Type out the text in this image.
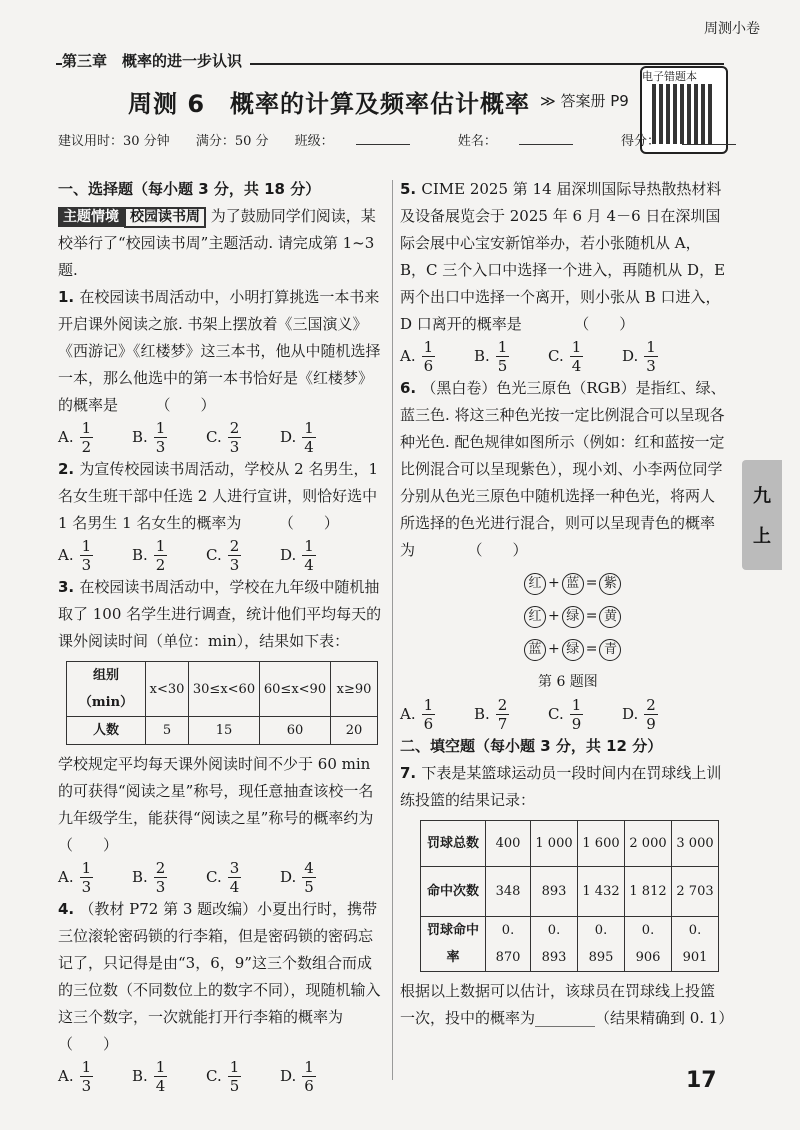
周测小卷
第三章　概率的进一步认识
周测 6　概率的计算及频率估计概率 ≫ 答案册 P9
电子错题本
建议用时：30 分钟 满分：50 分 班级：	姓名：	得分：
一、选择题（每小题 3 分，共 18 分）
主题情境 校园读书周 为了鼓励同学们阅读，某校举行了“校园读书周”主题活动. 请完成第 1~3 题.
1. 在校园读书周活动中，小明打算挑选一本书来开启课外阅读之旅. 书架上摆放着《三国演义》《西游记》《红楼梦》这三本书，他从中随机选择一本，那么他选中的第一本书恰好是《红楼梦》的概率是　　　（　　）
A. $\frac{1}{2}$	B. $\frac{1}{3}$	C. $\frac{2}{3}$	D. $\frac{1}{4}$
2. 为宣传校园读书周活动，学校从 2 名男生，1 名女生班干部中任选 2 人进行宣讲，则恰好选中 1 名男生 1 名女生的概率为　　　（　　）
A. $\frac{1}{3}$	B. $\frac{1}{2}$	C. $\frac{2}{3}$	D. $\frac{1}{4}$
3. 在校园读书周活动中，学校在九年级中随机抽取了 100 名学生进行调查，统计他们平均每天的课外阅读时间（单位：min），结果如下表：
组别（min）	x<30	30≤x<60	60≤x<90	x≥90
人数	5	15	60	20
学校规定平均每天课外阅读时间不少于 60 min 的可获得“阅读之星”称号，现任意抽查该校一名九年级学生，能获得“阅读之星”称号的概率约为　　　（　　）
A. $\frac{1}{3}$	B. $\frac{2}{3}$	C. $\frac{3}{4}$	D. $\frac{4}{5}$
4. （教材 P72 第 3 题改编）小夏出行时，携带三位滚轮密码锁的行李箱，但是密码锁的密码忘记了，只记得是由“3，6，9”这三个数组合而成的三位数（不同数位上的数字不同），现随机输入这三个数字，一次就能打开行李箱的概率为　　　（　　）
A. $\frac{1}{3}$	B. $\frac{1}{4}$	C. $\frac{1}{5}$	D. $\frac{1}{6}$
5. CIME 2025 第 14 届深圳国际导热散热材料及设备展览会于 2025 年 6 月 4－6 日在深圳国际会展中心宝安新馆举办，若小张随机从 A，B，C 三个入口中选择一个进入，再随机从 D，E 两个出口中选择一个离开，则小张从 B 口进入，D 口离开的概率是　　　　（　　）
A. $\frac{1}{6}$	B. $\frac{1}{5}$	C. $\frac{1}{4}$	D. $\frac{1}{3}$
6. （黑白卷）色光三原色（RGB）是指红、绿、蓝三色. 将这三种色光按一定比例混合可以呈现各种光色. 配色规律如图所示（例如：红和蓝按一定比例混合可以呈现紫色），现小刘、小李两位同学分别从色光三原色中随机选择一种色光，将两人所选择的色光进行混合，则可以呈现青色的概率为　　　　（　　）
红 + 蓝 = 紫
红 + 绿 = 黄
蓝 + 绿 = 青
第 6 题图
A. $\frac{1}{6}$	B. $\frac{2}{7}$	C. $\frac{1}{9}$	D. $\frac{2}{9}$
二、填空题（每小题 3 分，共 12 分）
7. 下表是某篮球运动员一段时间内在罚球线上训练投篮的结果记录：
罚球总数	400	1 000	1 600	2 000	3 000
命中次数	348	893	1 432	1 812	2 703
罚球命中率	0. 870	0. 893	0. 895	0. 906	0. 901
根据以上数据可以估计，该球员在罚球线上投篮一次，投中的概率为________（结果精确到 0. 1）
九
上
17
